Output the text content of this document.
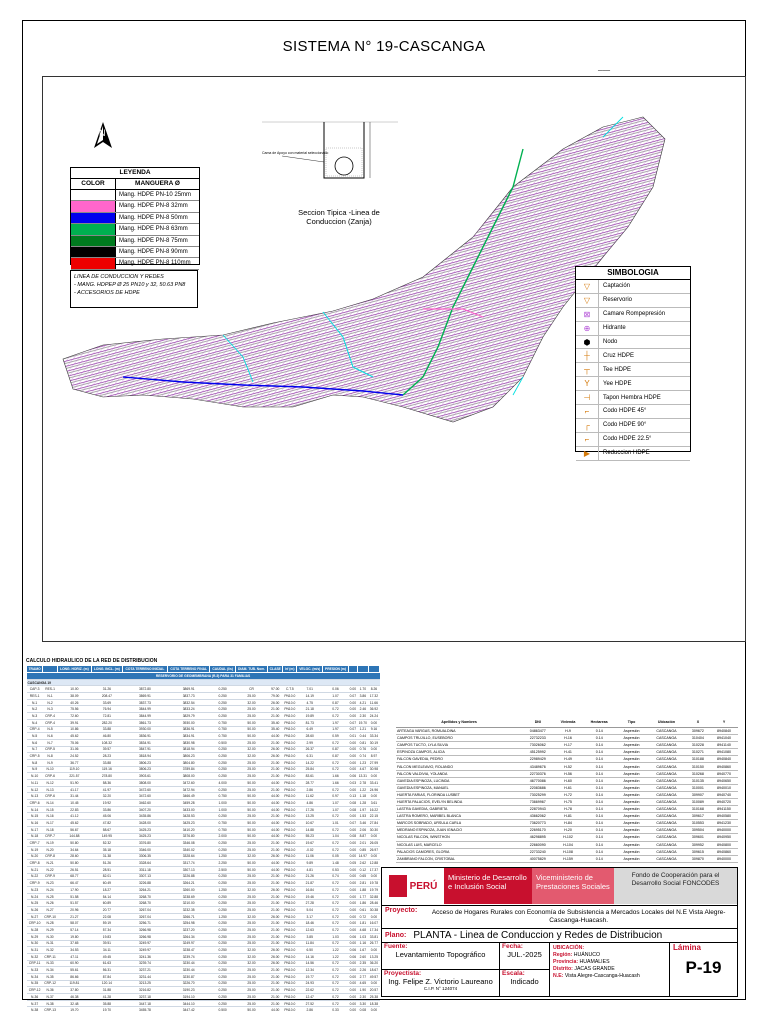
SISTEMA N° 19-CASCANGA
N
━━━━━
LEYENDA
COLOR	MANGUERA Ø
Mang. HDPE PN-10 25mm
Mang. HDPE PN-8 32mm
Mang. HDPE PN-8 50mm
Mang. HDPE PN-8 63mm
Mang. HDPE PN-8 75mm
Mang. HDPE PN-8 90mm
Mang. HDPE PN-8 110mm
LINEA DE CONDUCCION Y REDES
- MANG. HDPEP Ø 25 PN10 y 32, 50.63 PN8
- ACCESORIOS DE HDPE
Cama de Apoyo con material seleccionado
Seccion Tipica -Linea de Conduccion (Zanja)
SIMBOLOGIA
▽	Captación
▽	Reservorio
⊠	Camare Rompepresión
⊕	Hidrante
⬢	Nodo
┼	Cruz HDPE
┬	Tee HDPE
Y	Yee HDPE
⊣	Tapon Hembra HDPE
⌐	Codo HDPE 45°
┌	Codo HDPE 90°
⌐	Codo HDPE 22.5°
▶	Reduccion HDPE
CALCULO HIDRAULICO DE LA RED DE DISTRIBUCION
TRAMO		LONG. HORIZ. (m)	LONG. INCL. (m)	COTA TERRENO INICIAL	COTA TERRENO FINAL	CAUDAL (l/s)	DIAM. TUB. Nom.	CLASE	hf (m)	VELOC. (m/s)	PRESION (m)			
RESERVORIO DE GEOMEMBRANA (R-5) PARA 31 FAMILIAS														
CASCANGA 19														
CAP-3	RES-1	10.00	31.26	3872.80	3869.91	0.250	CR	97.00	C.T.5	7.01	0.06	0.00	1.70	8.26
RES-1	N-1	38.09	208.47	3869.91	3837.73	0.250	25.00	79.00	PN10.0	14.19	1.07	0.07	3.86	17.32
N-1	N-2	40.26	33.69	3837.73	3832.54	0.250	32.00	26.00	PN10.0	4.75	0.87	0.00	4.21	11.66
N-2	N-3	75.56	76.94	3844.99	3833.24	0.250	25.00	21.00	PN10.0	21.18	0.72	0.00	2.46	36.92
N-3	CRP-4	72.60	72.81	3844.99	3829.79	0.250	25.00	21.00	PN10.0	19.89	0.72	0.00	2.30	24.24
N-4	CRP-4	39.91	282.20	3861.73	3930.00	0.750	50.00	35.40	PN10.0	81.73	1.97	0.07	19.70	0.00
CRP-4	N-5	10.86	33.88	3930.00	3836.91	0.750	50.00	35.40	PN10.0	6.49	1.97	0.07	1.21	9.16
N-5	N-6	45.62	46.80	3836.91	3834.91	0.750	50.00	44.00	PN10.0	28.60	0.59	0.01	0.44	33.34
N-6	N-7	75.06	108.32	3834.91	3830.98	0.500	25.00	21.00	PN10.0	2.99	0.72	0.00	0.81	30.19
N-7	CRP-5	31.06	39.57	3847.91	3818.94	0.250	32.00	26.00	PN10.0	26.37	0.87	0.00	0.76	0.00
CRP-5	N-8	24.52	28.23	3818.94	3806.23	0.250	32.00	26.00	PN10.0	6.31	0.87	0.00	0.74	8.97
N-8	N-9	36.77	33.88	3806.23	3804.80	0.250	25.00	21.00	PN10.0	14.22	0.72	0.00	1.23	27.99
N-9	N-10	119.10	119.16	3806.23	3789.84	0.250	25.00	21.00	PN10.0	25.84	0.72	0.00	4.67	30.98
N-10	CRP-6	221.57	278.80	3903.61	3808.00	0.250	25.00	21.00	PN10.0	83.61	1.66	0.06	13.31	0.00
N-11	N-12	51.90	58.36	3808.00	3472.60	4.000	50.00	44.00	PN10.0	28.77	1.66	0.03	2.78	33.41
N-12	N-13	41.17	41.97	3472.60	3472.94	0.250	25.00	21.00	PN10.0	2.86	0.72	0.00	1.22	24.96
N-13	CRP-6	31.44	32.20	3472.60	3466.49	0.750	50.00	44.00	PN10.0	11.62	0.97	0.13	1.18	0.00
CRP-6	N-14	10.45	19.92	3462.60	3459.28	1.000	50.00	44.00	PN10.0	4.86	1.07	0.08	1.28	3.61
N-14	N-15	22.83	33.86	3407.20	3433.00	1.000	50.00	44.00	PN10.0	17.26	1.07	0.08	1.97	16.22
N-15	N-16	41.12	45.06	3435.86	3428.53	0.250	25.00	21.00	PN10.0	13.25	0.72	0.00	1.53	22.15
N-16	N-17	45.62	47.82	3428.00	3425.23	0.750	50.00	44.00	PN10.0	10.67	1.01	0.07	3.46	27.84
N-17	N-18	56.67	58.67	3425.23	3410.20	0.750	50.00	44.00	PN10.0	14.88	0.72	0.00	2.06	30.30
N-18	CRP-7	144.88	149.95	3425.23	3376.80	2.000	50.00	44.00	PN10.0	55.23	1.04	0.08	8.87	0.00
CRP-7	N-19	50.80	52.32	3376.80	3346.08	0.250	25.00	21.00	PN10.0	19.67	0.72	0.00	2.01	26.05
N-19	N-20	34.64	35.18	3346.00	3340.02	0.250	25.00	21.00	PN10.0	-0.02	0.72	0.00	0.85	26.97
N-20	CRP-8	28.60	31.38	3306.35	3328.64	1.250	32.00	26.00	PN10.0	11.06	0.05	0.00	14.97	0.00
CRP-8	N-21	50.80	51.26	3328.64	3317.74	2.250	50.00	44.00	PN10.0	9.89	1.48	0.05	2.62	12.88
N-21	N-22	26.51	28.51	3311.18	3307.13	2.500	50.00	44.00	PN10.0	4.81	0.53	0.00	0.12	17.37
N-22	CRP-9	68.77	82.01	3307.13	3226.88	0.250	25.00	21.00	PN10.0	21.26	0.74	0.00	0.65	0.00
CRP-9	N-23	66.47	60.49	3226.88	3264.21	0.250	25.00	21.00	PN10.0	21.87	0.72	0.00	2.81	19.78
N-23	N-24	17.90	18.27	3264.21	3260.00	1.250	32.00	26.00	PN10.0	16.84	0.72	0.00	1.88	19.79
N-24	N-25	51.58	54.14	3268.70	3238.69	0.250	25.00	21.00	PN10.0	19.46	0.72	0.00	1.77	32.88
N-25	N-26	51.57	60.89	3268.70	3210.00	0.250	25.00	21.00	PN10.0	27.28	0.72	0.00	1.86	28.46
N-26	N-27	20.96	20.77	3267.04	3232.35	0.250	25.00	21.00	PN10.0	5.04	0.72	0.00	0.61	30.38
N-27	CRP-10	21.27	22.08	3267.04	3266.71	1.250	32.00	26.00	PN10.0	3.17	0.72	0.00	0.72	0.00
CRP-10	N-28	58.07	59.19	3256.71	3254.98	0.250	25.00	21.00	PN10.0	18.46	0.72	0.00	1.81	16.07
N-28	N-29	57.14	57.34	3266.98	3237.20	0.250	25.00	21.00	PN10.0	12.63	0.72	0.00	4.68	17.34
N-29	N-30	19.80	19.83	3266.98	3264.34	0.250	25.00	21.00	PN10.0	3.85	1.03	0.06	1.03	33.81
N-30	N-31	37.65	39.51	3249.97	3249.97	0.250	25.00	21.00	PN10.0	11.84	0.72	0.00	1.16	26.77
N-31	N-32	34.53	34.11	3249.97	3238.47	0.250	32.00	26.00	PN10.0	6.50	1.22	0.06	1.67	0.00
N-32	CRP-11	47.11	49.45	3241.36	3239.74	0.250	32.00	26.00	PN10.0	14.16	1.22	0.06	2.60	13.25
CRP-11	N-33	60.90	61.63	3239.74	3230.44	0.250	32.00	26.00	PN10.0	14.56	0.72	0.00	2.35	36.20
N-33	N-34	55.61	56.31	3237.21	3230.44	0.250	25.00	21.00	PN10.0	12.34	0.72	0.00	2.26	18.67
N-34	N-35	86.66	87.84	3231.44	3230.87	0.250	25.00	21.00	PN10.0	19.77	0.72	0.00	2.77	49.57
N-35	CRP-12	119.81	120.14	3213.25	3226.70	0.250	25.00	21.00	PN10.0	24.93	0.72	0.00	4.65	0.00
CRP-12	N-36	37.80	31.88	3216.82	3190.23	0.250	25.00	21.00	PN10.0	22.62	0.72	0.00	1.90	20.57
N-36	N-37	46.38	41.28	3237.18	3194.10	0.250	25.00	21.00	PN10.0	12.47	0.72	0.00	2.30	25.38
N-37	N-38	32.48	35.88	3447.18	3444.10	0.250	25.00	21.00	PN10.0	27.52	0.72	0.00	3.30	18.38
N-38	CRP-13	19.70	19.70	3455.78	3447.42	0.500	50.00	44.00	PN10.0	2.86	0.33	0.00	0.08	0.00

Apellidos y Nombres	DNI	Vivienda	Hectareas	Tipo	Ubicación	X	Y
ARTEAGA VARGAS, ROMUALDINA	04863477	H-9	0.14	Aspersión	CASCANGA	309672	8940840
CAMPOS TRUJILLO, EUSEBORO	22732233	H-16	0.14	Aspersión	CASCANGA	310404	8941040
CAMPOS TUCTO, LYLA SILVIA	73026062	H-17	0.14	Aspersión	CASCANGA	310228	8941140
ESPINOZA CAMPOS, ALICIA	45125992	H-41	0.14	Aspersión	CASCANGA	310271	8941080
FALCON GAVEDIA, PEDRO	22989429	H-49	0.14	Aspersión	CASCANGA	310188	8940840
FALCON MEGLEAVIO, ROLANDO	43489676	H-52	0.14	Aspersión	CASCANGA	310150	8940860
FALCON VALDIVIA, YOLANDA	22730376	H-56	0.14	Aspersión	CASCANGA	310268	8940770
GAVEDIA ESPINOZA, LUCINDA	46770086	H-60	0.14	Aspersión	CASCANGA	310135	8940650
GAVEDIA ESPINOZA, MANUEL	22083686	H-61	0.14	Aspersión	CASCANGA	310001	8940010
HUERTA FARIAS, FLORINDA LUSBET	73025299	H-72	0.14	Aspersión	CASCANGA	309907	8940740
HUERTA PALACIOS, EVELYN BELINDA	73669967	H-75	0.14	Aspersión	CASCANGA	310089	8940720
LASTRA GAVEDIA, GABRIETA	22870943	H-78	0.14	Aspersión	CASCANGA	310168	8941150
LASTRA ROMERO, MARIBEL BLANCA	43662062	H-81	0.14	Aspersión	CASCANGA	309617	8940580
MARCOS SOBRADO, URSULA CARLA	73620773	H-84	0.14	Aspersión	CASCANGA	310553	8941230
MEDRANO ESPINOZA, JUAN IGNACIO	22695170	H-20	0.14	Aspersión	CASCANGA	309504	8940000
NICOLAS FALCON, WINSTHON	46298895	H-102	0.14	Aspersión	CASCANGA	309601	8940950
NICOLAS LUIS, MARCELO	22660090	H-104	0.14	Aspersión	CASCANGA	309952	8940800
PALACIOS CAMORES, GLORIA	22733240	H-108	0.14	Aspersión	CASCANGA	309615	8940860
ZAMBRANO FALCON, CRISTOBAL	40075829	H-159	0.14	Aspersión	CASCANGA	309870	8940000

PERÚ
Ministerio de Desarrollo e Inclusión Social
Viceministerio de Prestaciones Sociales
Fondo de Cooperación para el Desarrollo Social FONCODES
Proyecto:	Acceso de Hogares Rurales con Economía de Subsistencia a Mercados Locales del N.E Vista Alegre-Cascanga-Huacash.
Plano: PLANTA - Linea de Conduccion y Redes de Distribucion
Fuente:
Levantamiento Topográfico
Proyectista:
Ing. Felipe Z. Victorio Laureano
C.I.P. N° 124074
Fecha:
JUL.-2025
Escala:
Indicado
UBICACIÓN:
Región: HUÁNUCO
Provincia: HUAMALIES
Distrito: JACAS GRANDE
N.E: Vista Alegre-Cascanga-Huacash
Lámina
P-19
